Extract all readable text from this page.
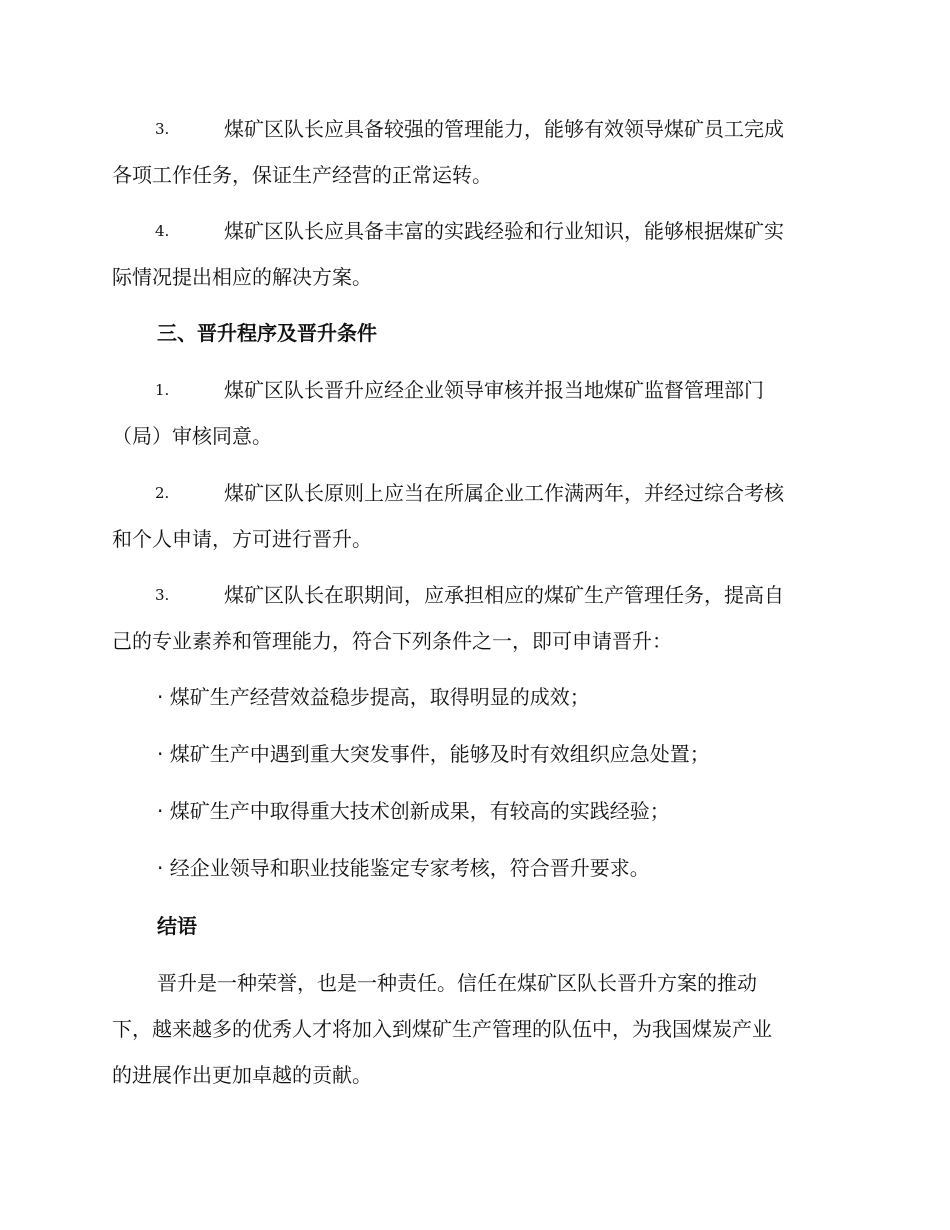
3.	煤矿区队长应具备较强的管理能力，能够有效领导煤矿员工完成
各项工作任务，保证生产经营的正常运转。
4.	煤矿区队长应具备丰富的实践经验和行业知识，能够根据煤矿实
际情况提出相应的解决方案。
三、晋升程序及晋升条件
1.	煤矿区队长晋升应经企业领导审核并报当地煤矿监督管理部门
（局）审核同意。
2.	煤矿区队长原则上应当在所属企业工作满两年，并经过综合考核
和个人申请，方可进行晋升。
3.	煤矿区队长在职期间，应承担相应的煤矿生产管理任务，提高自
己的专业素养和管理能力，符合下列条件之一，即可申请晋升：
· 煤矿生产经营效益稳步提高，取得明显的成效；
· 煤矿生产中遇到重大突发事件，能够及时有效组织应急处置；
· 煤矿生产中取得重大技术创新成果，有较高的实践经验；
· 经企业领导和职业技能鉴定专家考核，符合晋升要求。
结语
晋升是一种荣誉，也是一种责任。信任在煤矿区队长晋升方案的推动
下，越来越多的优秀人才将加入到煤矿生产管理的队伍中，为我国煤炭产业
的进展作出更加卓越的贡献。
